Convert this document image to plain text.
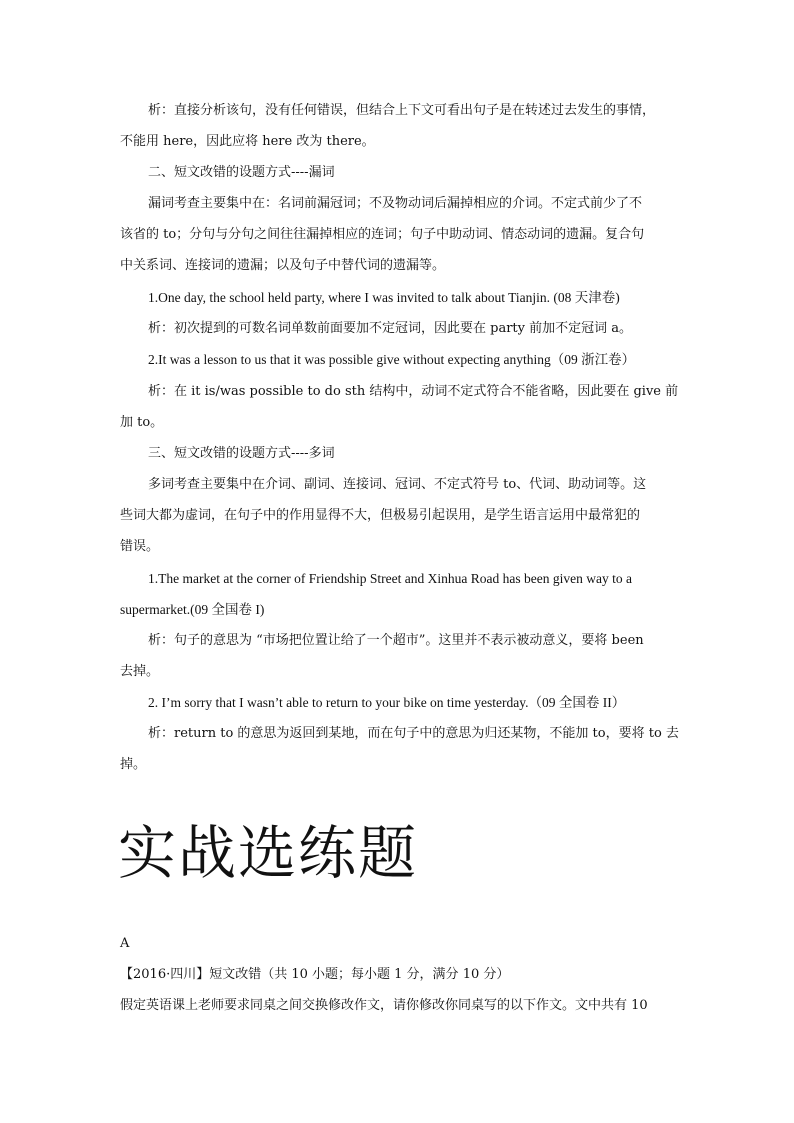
析：直接分析该句，没有任何错误，但结合上下文可看出句子是在转述过去发生的事情，
不能用 here，因此应将 here 改为 there。
二、短文改错的设题方式----漏词
漏词考查主要集中在：名词前漏冠词；不及物动词后漏掉相应的介词。不定式前少了不
该省的 to；分句与分句之间往往漏掉相应的连词；句子中助动词、情态动词的遗漏。复合句
中关系词、连接词的遗漏；以及句子中替代词的遗漏等。
1.One day, the school held party, where I was invited to talk about Tianjin. (08 天津卷)
析：初次提到的可数名词单数前面要加不定冠词，因此要在 party 前加不定冠词 a。
2.It was a lesson to us that it was possible give without expecting anything（09 浙江卷）
析：在 it is/was possible to do sth 结构中，动词不定式符合不能省略，因此要在 give 前
加 to。
三、短文改错的设题方式----多词
多词考查主要集中在介词、副词、连接词、冠词、不定式符号 to、代词、助动词等。这
些词大都为虚词，在句子中的作用显得不大，但极易引起误用，是学生语言运用中最常犯的
错误。
1.The market at the corner of Friendship Street and Xinhua Road has been given way to a
supermarket.(09 全国卷 I)
析：句子的意思为 “市场把位置让给了一个超市”。这里并不表示被动意义，要将 been
去掉。
2. I’m sorry that I wasn’t able to return to your bike on time yesterday.（09 全国卷 II）
析：return to 的意思为返回到某地，而在句子中的意思为归还某物，不能加 to，要将 to 去
掉。
实战选练题
A
【2016·四川】短文改错（共 10 小题；每小题 1 分，满分 10 分）
假定英语课上老师要求同桌之间交换修改作文，请你修改你同桌写的以下作文。文中共有 10
